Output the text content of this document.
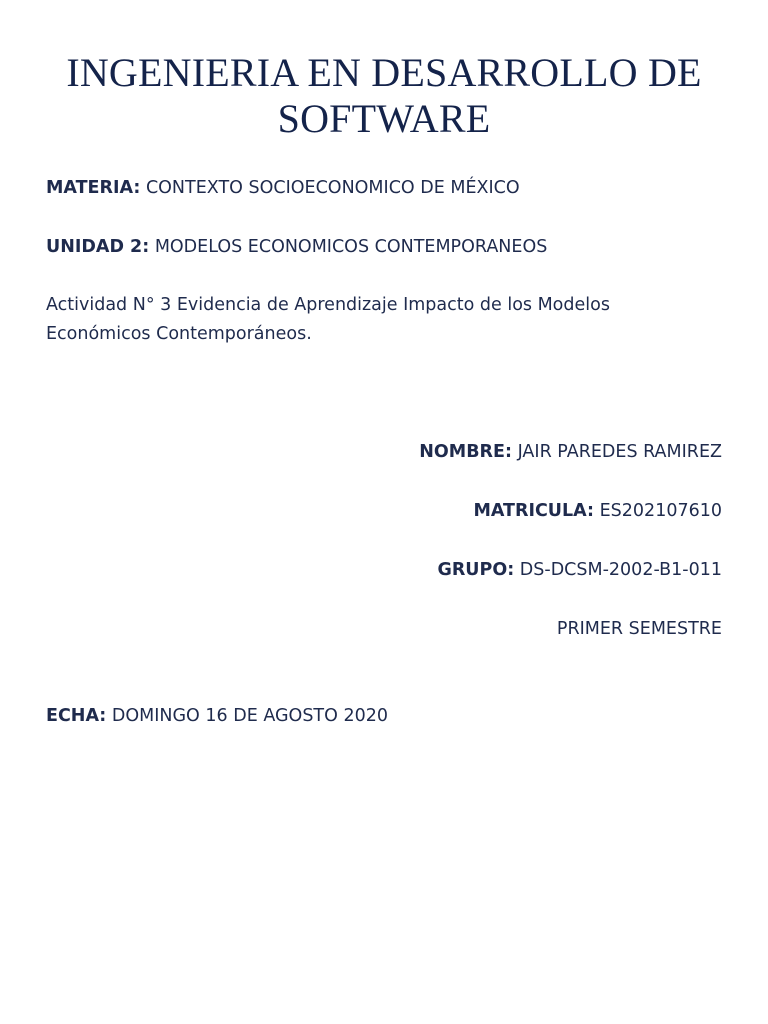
INGENIERIA EN DESARROLLO DE
SOFTWARE
MATERIA: CONTEXTO SOCIOECONOMICO DE MÉXICO
UNIDAD 2: MODELOS ECONOMICOS CONTEMPORANEOS
Actividad N° 3 Evidencia de Aprendizaje Impacto de los Modelos
Económicos Contemporáneos.
NOMBRE: JAIR PAREDES RAMIREZ
MATRICULA: ES202107610
GRUPO: DS-DCSM-2002-B1-011
PRIMER SEMESTRE
ECHA: DOMINGO 16 DE AGOSTO 2020
